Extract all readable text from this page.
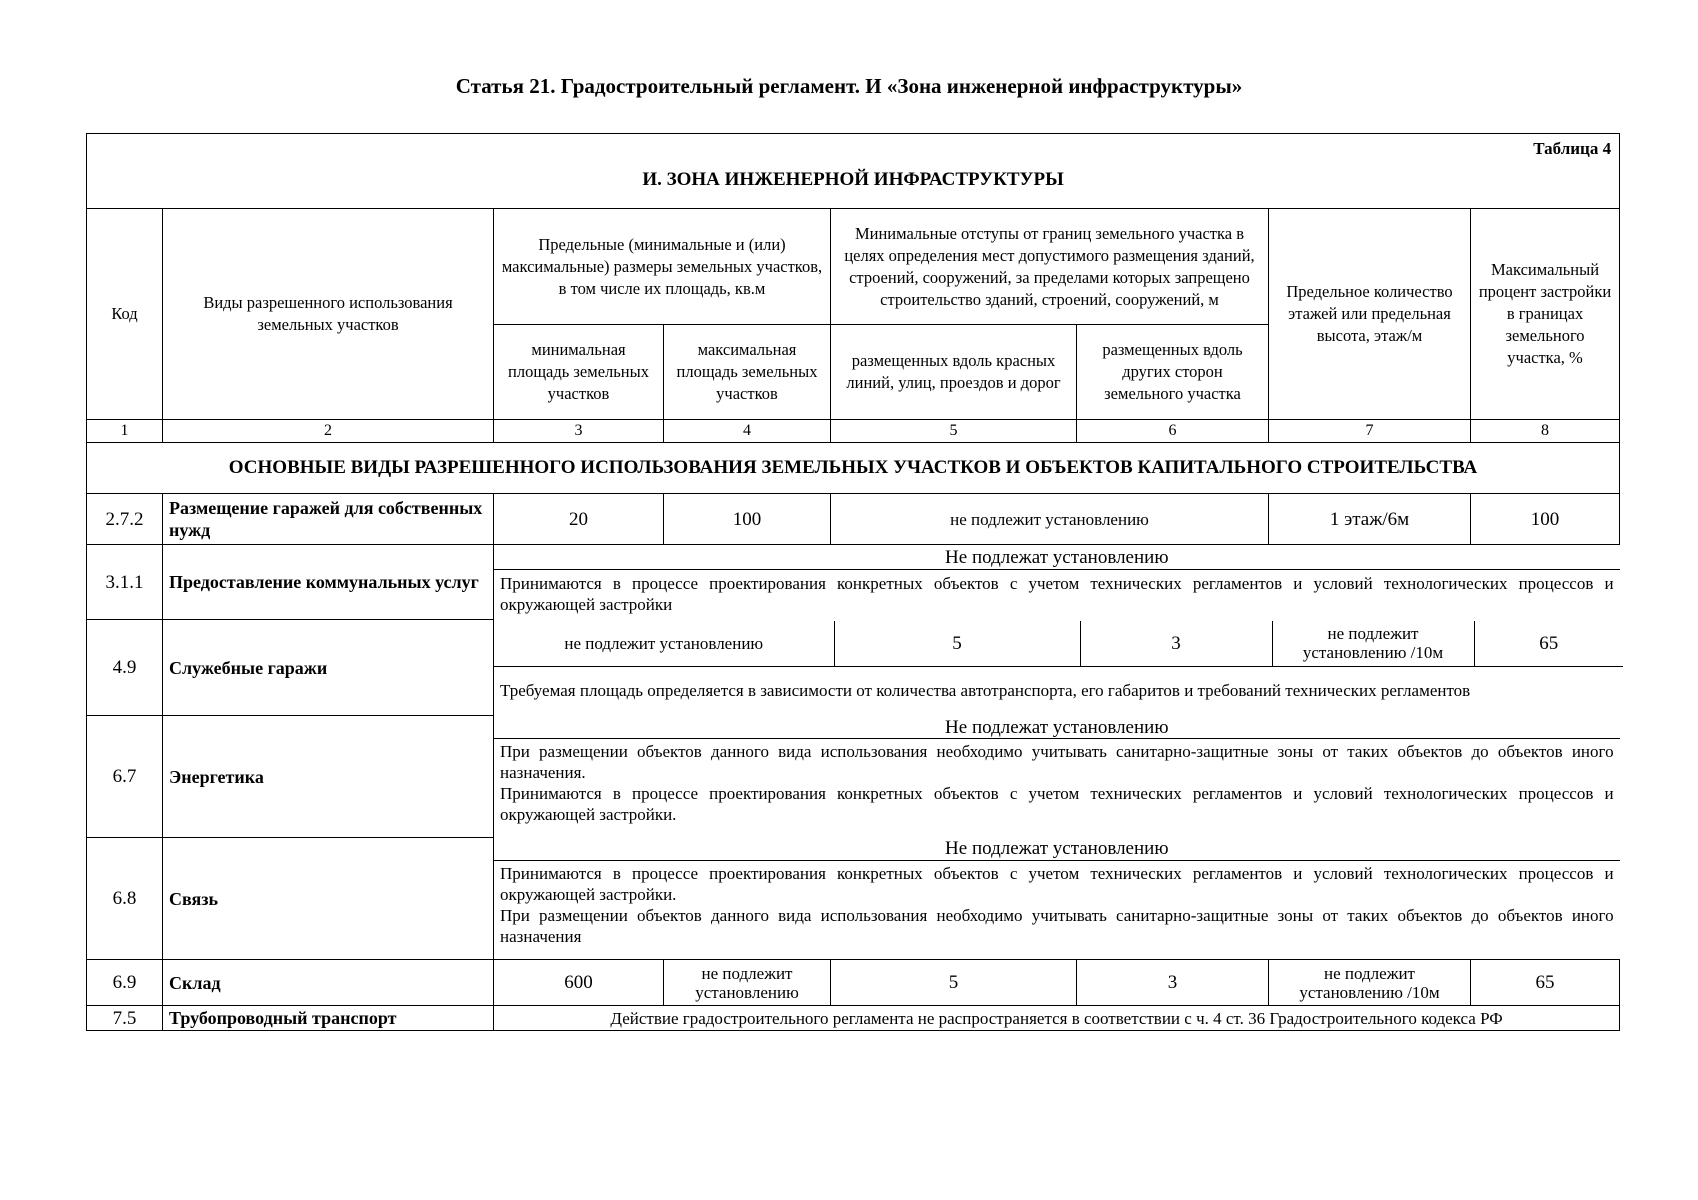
Статья 21. Градостроительный регламент. И «Зона инженерной инфраструктуры»
Таблица 4
И. ЗОНА ИНЖЕНЕРНОЙ ИНФРАСТРУКТУРЫ

Код	Виды разрешенного использования земельных участков	Предельные (минимальные и (или) максимальные) размеры земельных участков, в том числе их площадь, кв.м	Минимальные отступы от границ земельного участка в целях определения мест допустимого размещения зданий, строений, сооружений, за пределами которых запрещено строительство зданий, строений, сооружений, м	Предельное количество этажей или предельная высота, этаж/м	Максимальный процент застройки в границах земельного участка, %
минимальная площадь земельных участков	максимальная площадь земельных участков	размещенных вдоль красных линий, улиц, проездов и дорог	размещенных вдоль других сторон земельного участка
1	2	3	4	5	6	7	8
ОСНОВНЫЕ ВИДЫ РАЗРЕШЕННОГО ИСПОЛЬЗОВАНИЯ ЗЕМЕЛЬНЫХ УЧАСТКОВ И ОБЪЕКТОВ КАПИТАЛЬНОГО СТРОИТЕЛЬСТВА
2.7.2	Размещение гаражей для собственных нужд	20	100	не подлежит установлению	1 этаж/6м	100
3.1.1	Предоставление коммунальных услуг	
Не подлежат установлению
Принимаются в процессе проектирования конкретных объектов с учетом технических регламентов и условий технологических процессов и окружающей застройки

4.9	Служебные гаражи	
не подлежит установлению	5	3	не подлежит установлению /10м	65
Требуемая площадь определяется в зависимости от количества автотранспорта, его габаритов и требований технических регламентов

6.7	Энергетика	
Не подлежат установлению

При размещении объектов данного вида использования необходимо учитывать санитарно-защитные зоны от таких объектов до объектов иного назначения.
Принимаются в процессе проектирования конкретных объектов с учетом технических регламентов и условий технологических процессов и окружающей застройки.

6.8	Связь	
Не подлежат установлению

Принимаются в процессе проектирования конкретных объектов с учетом технических регламентов и условий технологических процессов и окружающей застройки.
При размещении объектов данного вида использования необходимо учитывать санитарно-защитные зоны от таких объектов до объектов иного назначения

6.9	Склад	600	не подлежит установлению	5	3	не подлежит установлению /10м	65
7.5	Трубопроводный транспорт	Действие градостроительного регламента не распространяется в соответствии с ч. 4 ст. 36 Градостроительного кодекса РФ
